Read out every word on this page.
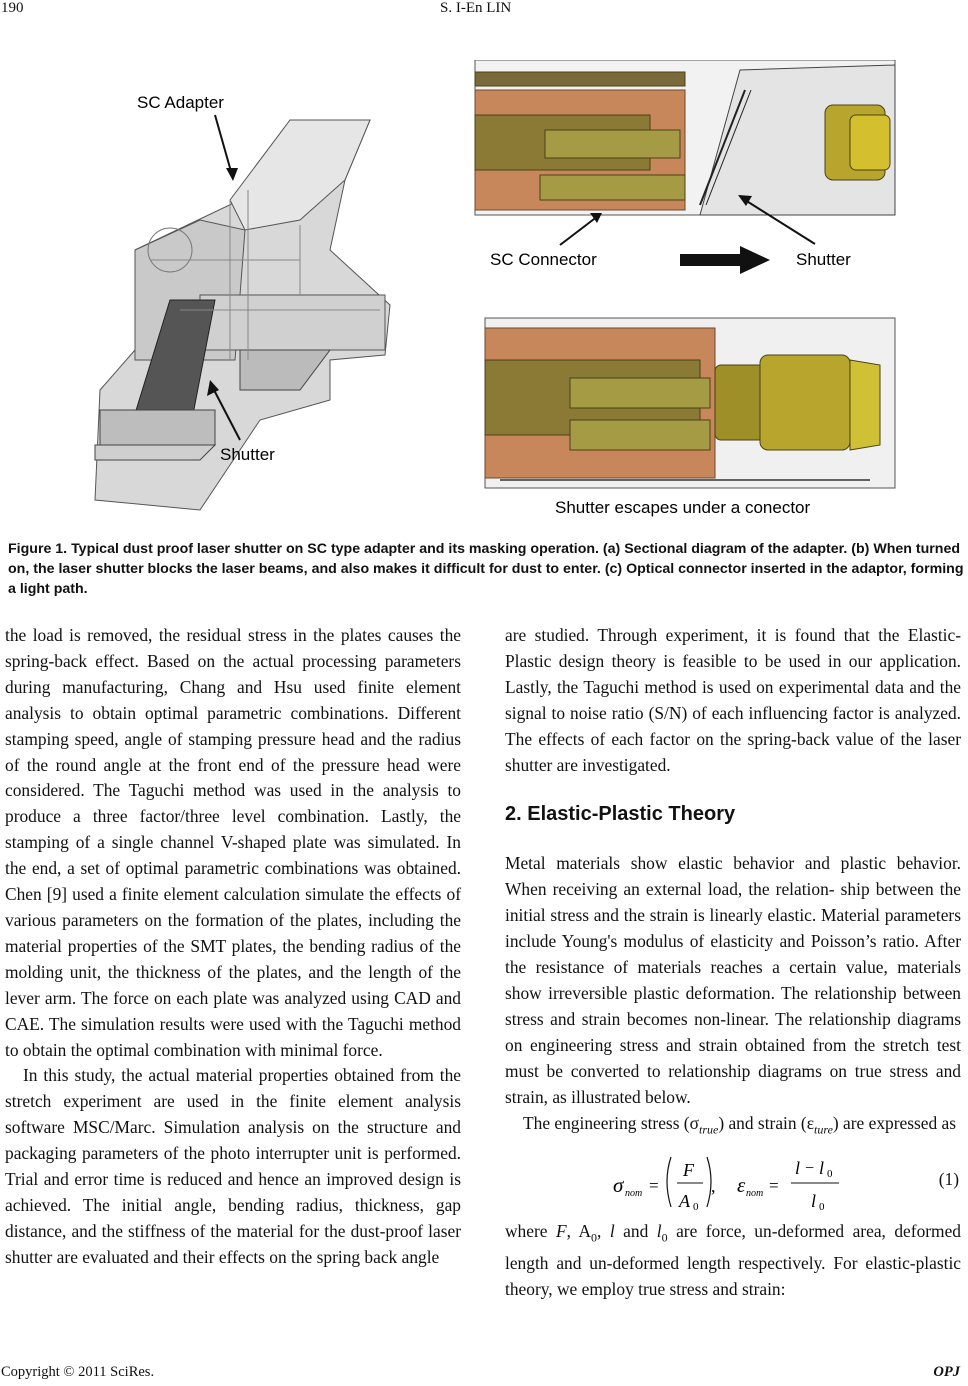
190	S. I-En LIN
SC Adapter
Shutter
SC Connector	Shutter
Shutter escapes under a conector
Figure 1. Typical dust proof laser shutter on SC type adapter and its masking operation. (a) Sectional diagram of the adapter. (b) When turned on, the laser shutter blocks the laser beams, and also makes it difficult for dust to enter. (c) Optical connector inserted in the adaptor, forming a light path.

the load is removed, the residual stress in the plates causes the spring-back effect. Based on the actual processing parameters during manufacturing, Chang and Hsu used finite element analysis to obtain optimal parametric combinations. Different stamping speed, angle of stamping pressure head and the radius of the round angle at the front end of the pressure head were considered. The Taguchi method was used in the analysis to produce a three factor/three level combination. Lastly, the stamping of a single channel V-shaped plate was simulated. In the end, a set of optimal parametric combinations was obtained. Chen [9] used a finite element calculation simulate the effects of various parameters on the formation of the plates, including the material properties of the SMT plates, the bending radius of the molding unit, the thickness of the plates, and the length of the lever arm. The force on each plate was analyzed using CAD and CAE. The simulation results were used with the Taguchi method to obtain the optimal combination with minimal force.

In this study, the actual material properties obtained from the stretch experiment are used in the finite element analysis software MSC/Marc. Simulation analysis on the structure and packaging parameters of the photo interrupter unit is performed. Trial and error time is reduced and hence an improved design is achieved. The initial angle, bending radius, thickness, gap distance, and the stiffness of the material for the dust-proof laser shutter are evaluated and their effects on the spring back angle

are studied. Through experiment, it is found that the Elastic-Plastic design theory is feasible to be used in our application. Lastly, the Taguchi method is used on experimental data and the signal to noise ratio (S/N) of each influencing factor is analyzed. The effects of each factor on the spring-back value of the laser shutter are investigated.

2. Elastic-Plastic Theory

Metal materials show elastic behavior and plastic behavior. When receiving an external load, the relation- ship between the initial stress and the strain is linearly elastic. Material parameters include Young's modulus of elasticity and Poisson’s ratio. After the resistance of materials reaches a certain value, materials show irreversible plastic deformation. The relationship between stress and strain becomes non-linear. The relationship diagrams on engineering stress and strain obtained from the stretch test must be converted to relationship diagrams on true stress and strain, as illustrated below.

The engineering stress $(\sigma_{true})$ and strain $(\varepsilon_{ture})$ are expressed as

σ nom =
F
A 0
, ε nom =
l − l 0
l 0
(1)

where F, $A_0$, l and $l_0$ are force, un-deformed area, deformed length and un-deformed length respectively. For elastic-plastic theory, we employ true stress and strain:

Copyright © 2011 SciRes.	OPJ
